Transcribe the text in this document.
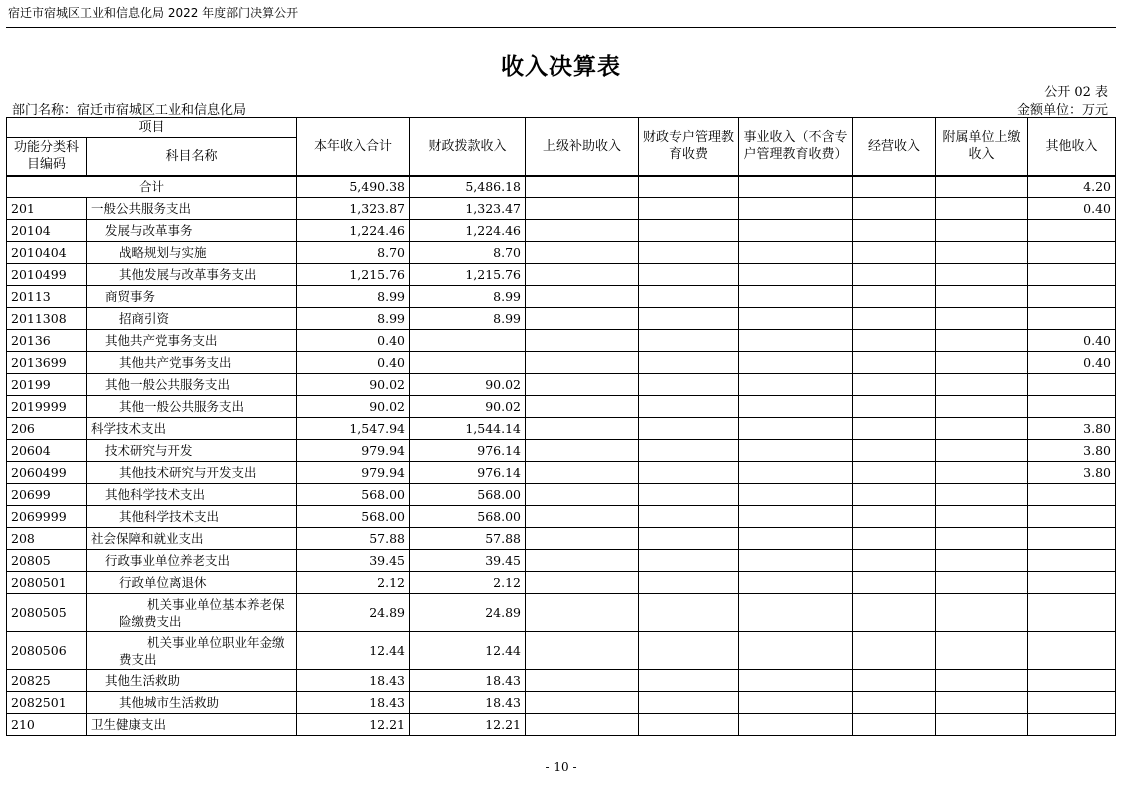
宿迁市宿城区工业和信息化局 2022 年度部门决算公开
收入决算表
公开 02 表
部门名称：宿迁市宿城区工业和信息化局	金额单位：万元
项目		本年收入合计	财政拨款收入	上级补助收入	财政专户管理教育收费	事业收入（不含专户管理教育收费）	经营收入	附属单位上缴收入	其他收入
功能分类科目编码	科目名称								
合计		5,490.38	5,486.18						4.20
201	一般公共服务支出	1,323.87	1,323.47						0.40
20104	发展与改革事务	1,224.46	1,224.46						
2010404	战略规划与实施	8.70	8.70						
2010499	其他发展与改革事务支出	1,215.76	1,215.76						
20113	商贸事务	8.99	8.99						
2011308	招商引资	8.99	8.99						
20136	其他共产党事务支出	0.40							0.40
2013699	其他共产党事务支出	0.40							0.40
20199	其他一般公共服务支出	90.02	90.02						
2019999	其他一般公共服务支出	90.02	90.02						
206	科学技术支出	1,547.94	1,544.14						3.80
20604	技术研究与开发	979.94	976.14						3.80
2060499	其他技术研究与开发支出	979.94	976.14						3.80
20699	其他科学技术支出	568.00	568.00						
2069999	其他科学技术支出	568.00	568.00						
208	社会保障和就业支出	57.88	57.88						
20805	行政事业单位养老支出	39.45	39.45						
2080501	行政单位离退休	2.12	2.12						
2080505	机关事业单位基本养老保险缴费支出	24.89	24.89						
2080506	机关事业单位职业年金缴费支出	12.44	12.44						
20825	其他生活救助	18.43	18.43						
2082501	其他城市生活救助	18.43	18.43						
210	卫生健康支出	12.21	12.21						
- 10 -
